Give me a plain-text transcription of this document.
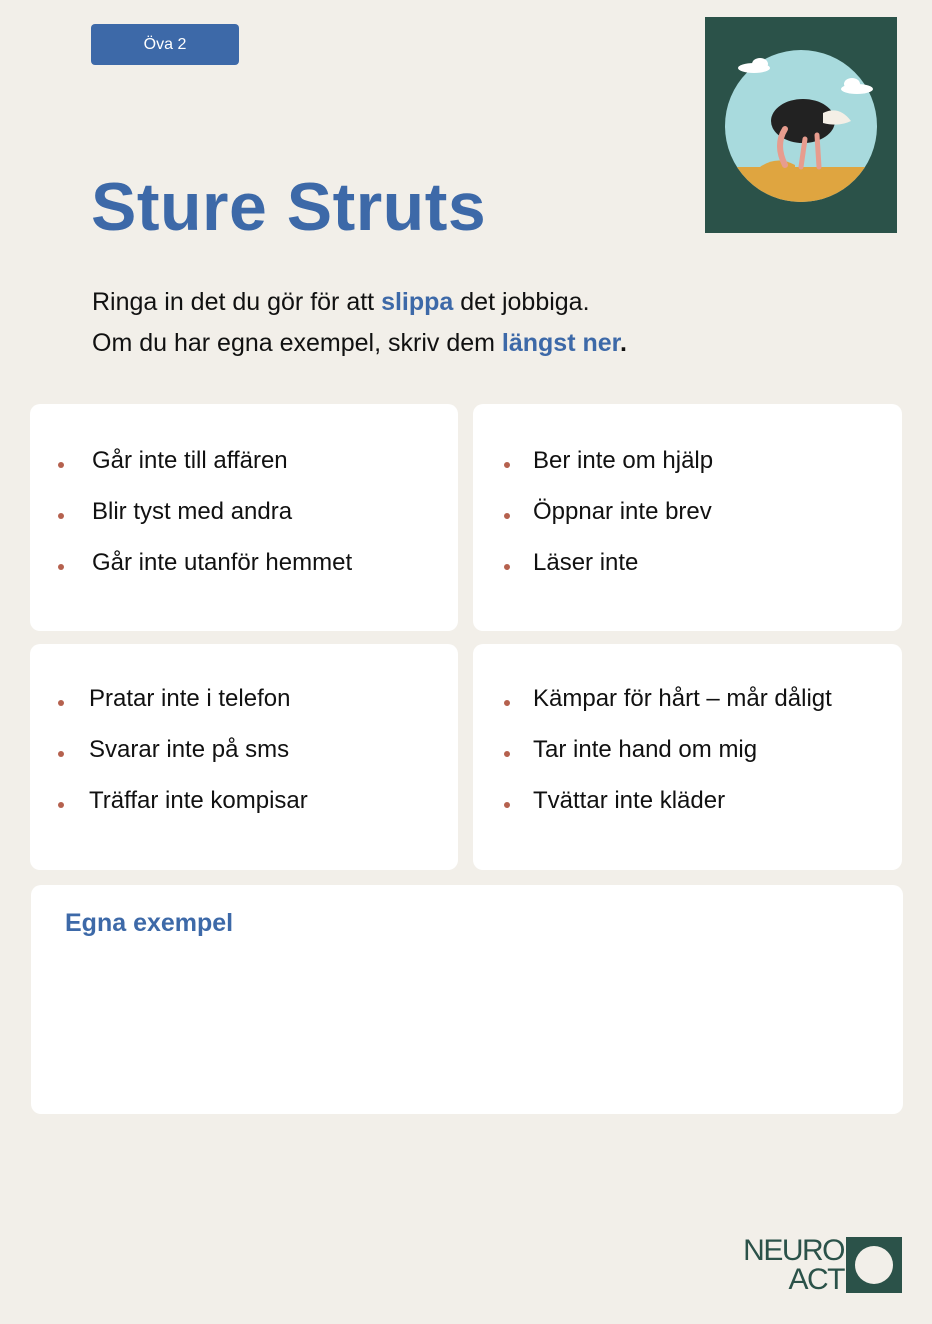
Öva 2
Sture Struts
Ringa in det du gör för att slippa det jobbiga.
Om du har egna exempel, skriv dem längst ner.
Går inte till affären
Blir tyst med andra
Går inte utanför hemmet
Ber inte om hjälp
Öppnar inte brev
Läser inte
Pratar inte i telefon
Svarar inte på sms
Träffar inte kompisar
Kämpar för hårt – mår dåligt
Tar inte hand om mig
Tvättar inte kläder
Egna exempel
NEURO
ACT
